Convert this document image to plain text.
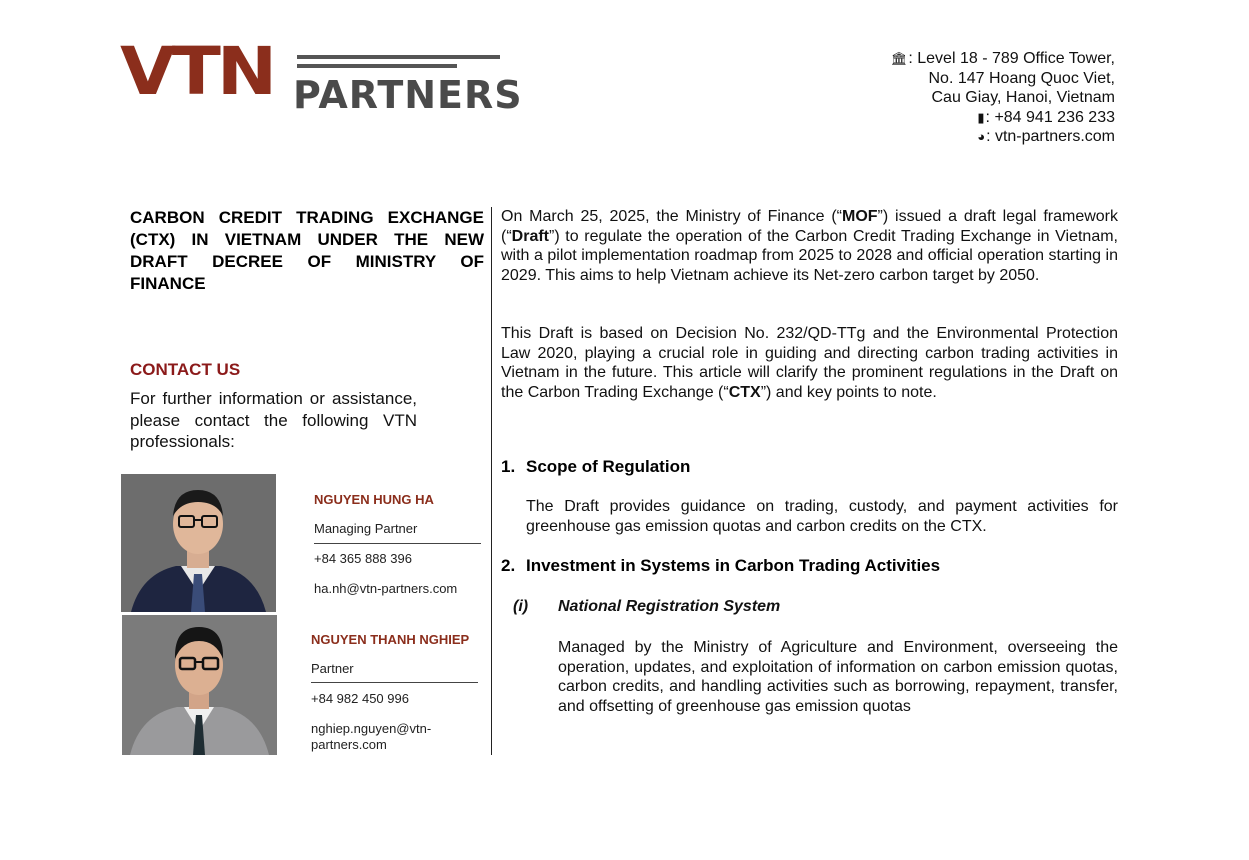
VTN PARTNERS
🏛: Level 18 - 789 Office Tower,
No. 147 Hoang Quoc Viet,
Cau Giay, Hanoi, Vietnam
▮: +84 941 236 233
◕: vtn-partners.com
CARBON CREDIT TRADING EXCHANGE (CTX) IN VIETNAM UNDER THE NEW DRAFT DECREE OF MINISTRY OF FINANCE
CONTACT US
For further information or assistance, please contact the following VTN professionals:
NGUYEN HUNG HA
Managing Partner
+84 365 888 396
ha.nh@vtn-partners.com
NGUYEN THANH NGHIEP
Partner
+84 982 450 996
nghiep.nguyen@vtn-partners.com
On March 25, 2025, the Ministry of Finance (“MOF”) issued a draft legal framework (“Draft”) to regulate the operation of the Carbon Credit Trading Exchange in Vietnam, with a pilot implementation roadmap from 2025 to 2028 and official operation starting in 2029. This aims to help Vietnam achieve its Net-zero carbon target by 2050.
This Draft is based on Decision No. 232/QD-TTg and the Environmental Protection Law 2020, playing a crucial role in guiding and directing carbon trading activities in Vietnam in the future. This article will clarify the prominent regulations in the Draft on the Carbon Trading Exchange (“CTX”) and key points to note.
1. Scope of Regulation
The Draft provides guidance on trading, custody, and payment activities for greenhouse gas emission quotas and carbon credits on the CTX.
2. Investment in Systems in Carbon Trading Activities
(i) National Registration System
Managed by the Ministry of Agriculture and Environment, overseeing the operation, updates, and exploitation of information on carbon emission quotas, carbon credits, and handling activities such as borrowing, repayment, transfer, and offsetting of greenhouse gas emission quotas
